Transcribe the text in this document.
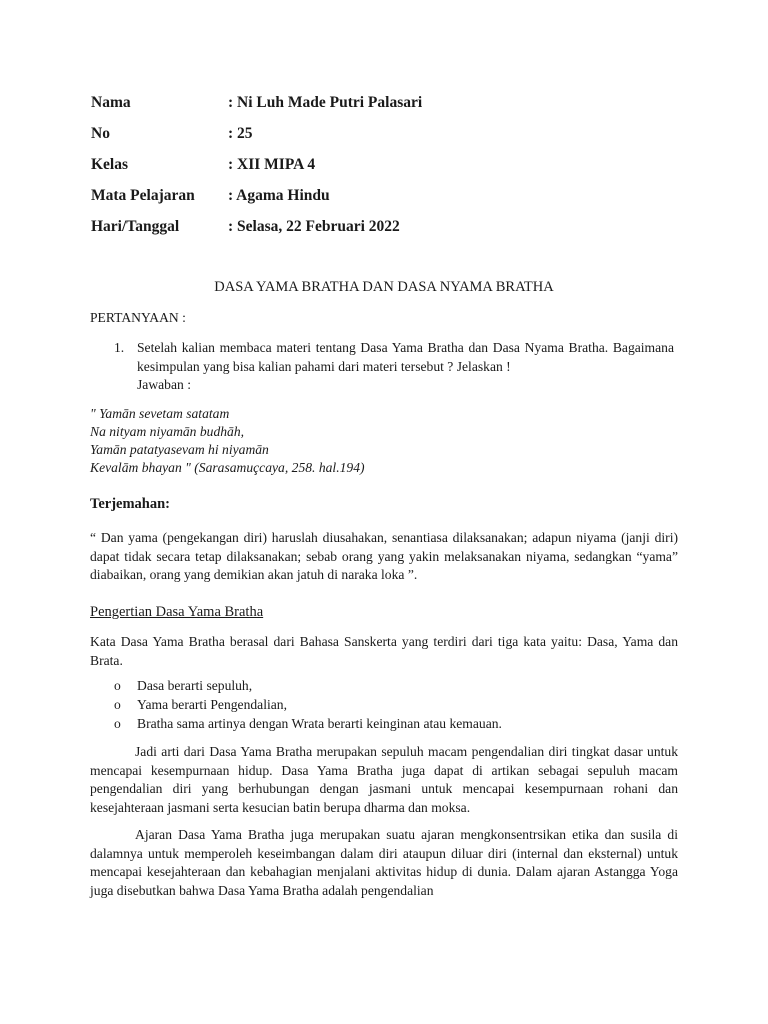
Nama	: Ni Luh Made Putri Palasari
No	: 25
Kelas	: XII MIPA 4
Mata Pelajaran : Agama Hindu
Hari/Tanggal	: Selasa, 22 Februari 2022
DASA YAMA BRATHA DAN DASA NYAMA BRATHA
PERTANYAAN :
1. Setelah kalian membaca materi tentang Dasa Yama Bratha dan Dasa Nyama Bratha. Bagaimana kesimpulan yang bisa kalian pahami dari materi tersebut ? Jelaskan !
Jawaban :
" Yamān sevetam satatam
Na nityam niyamān budhāh,
Yamān patatyasevam hi niyamān
Kevalām bhayan " (Sarasamuçcaya, 258. hal.194)
Terjemahan:
“ Dan yama (pengekangan diri) haruslah diusahakan, senantiasa dilaksanakan; adapun niyama (janji diri) dapat tidak secara tetap dilaksanakan; sebab orang yang yakin melaksanakan niyama, sedangkan “yama” diabaikan, orang yang demikian akan jatuh di naraka loka ”.
Pengertian Dasa Yama Bratha
Kata Dasa Yama Bratha berasal dari Bahasa Sanskerta yang terdiri dari tiga kata yaitu: Dasa, Yama dan Brata.
o Dasa berarti sepuluh,
o Yama berarti Pengendalian,
o Bratha sama artinya dengan Wrata berarti keinginan atau kemauan.
Jadi arti dari Dasa Yama Bratha merupakan sepuluh macam pengendalian diri tingkat dasar untuk mencapai kesempurnaan hidup. Dasa Yama Bratha juga dapat di artikan sebagai sepuluh macam pengendalian diri yang berhubungan dengan jasmani untuk mencapai kesempurnaan rohani dan kesejahteraan jasmani serta kesucian batin berupa dharma dan moksa.
Ajaran Dasa Yama Bratha juga merupakan suatu ajaran mengkonsentrsikan etika dan susila di dalamnya untuk memperoleh keseimbangan dalam diri ataupun diluar diri (internal dan eksternal) untuk mencapai kesejahteraan dan kebahagian menjalani aktivitas hidup di dunia. Dalam ajaran Astangga Yoga juga disebutkan bahwa Dasa Yama Bratha adalah pengendalian
